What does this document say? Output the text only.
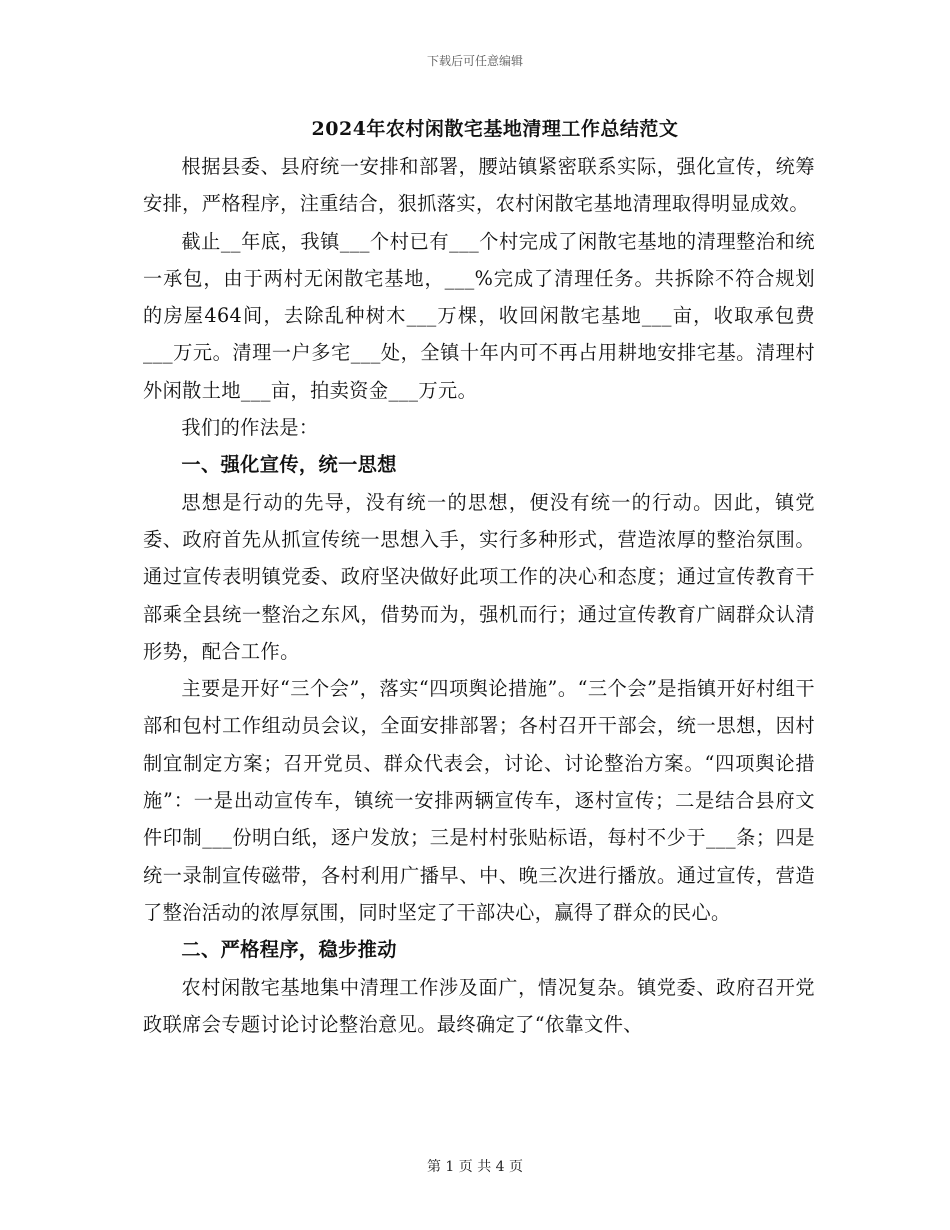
下载后可任意编辑
2024年农村闲散宅基地清理工作总结范文

根据县委、县府统一安排和部署，腰站镇紧密联系实际，强化宣传，统筹安排，严格程序，注重结合，狠抓落实，农村闲散宅基地清理取得明显成效。

截止__年底，我镇___个村已有___个村完成了闲散宅基地的清理整治和统一承包，由于两村无闲散宅基地，___%完成了清理任务。共拆除不符合规划的房屋464间，去除乱种树木___万棵，收回闲散宅基地___亩，收取承包费___万元。清理一户多宅___处，全镇十年内可不再占用耕地安排宅基。清理村外闲散土地___亩，拍卖资金___万元。

我们的作法是：

一、强化宣传，统一思想

思想是行动的先导，没有统一的思想，便没有统一的行动。因此，镇党委、政府首先从抓宣传统一思想入手，实行多种形式，营造浓厚的整治氛围。通过宣传表明镇党委、政府坚决做好此项工作的决心和态度；通过宣传教育干部乘全县统一整治之东风，借势而为，强机而行；通过宣传教育广阔群众认清形势，配合工作。

主要是开好“三个会”，落实“四项舆论措施”。“三个会”是指镇开好村组干部和包村工作组动员会议，全面安排部署；各村召开干部会，统一思想，因村制宜制定方案；召开党员、群众代表会，讨论、讨论整治方案。“四项舆论措施”：一是出动宣传车，镇统一安排两辆宣传车，逐村宣传；二是结合县府文件印制___份明白纸，逐户发放；三是村村张贴标语，每村不少于___条；四是统一录制宣传磁带，各村利用广播早、中、晚三次进行播放。通过宣传，营造了整治活动的浓厚氛围，同时坚定了干部决心，赢得了群众的民心。

二、严格程序，稳步推动

农村闲散宅基地集中清理工作涉及面广，情况复杂。镇党委、政府召开党政联席会专题讨论讨论整治意见。最终确定了“依靠文件、

第 1 页 共 4 页
